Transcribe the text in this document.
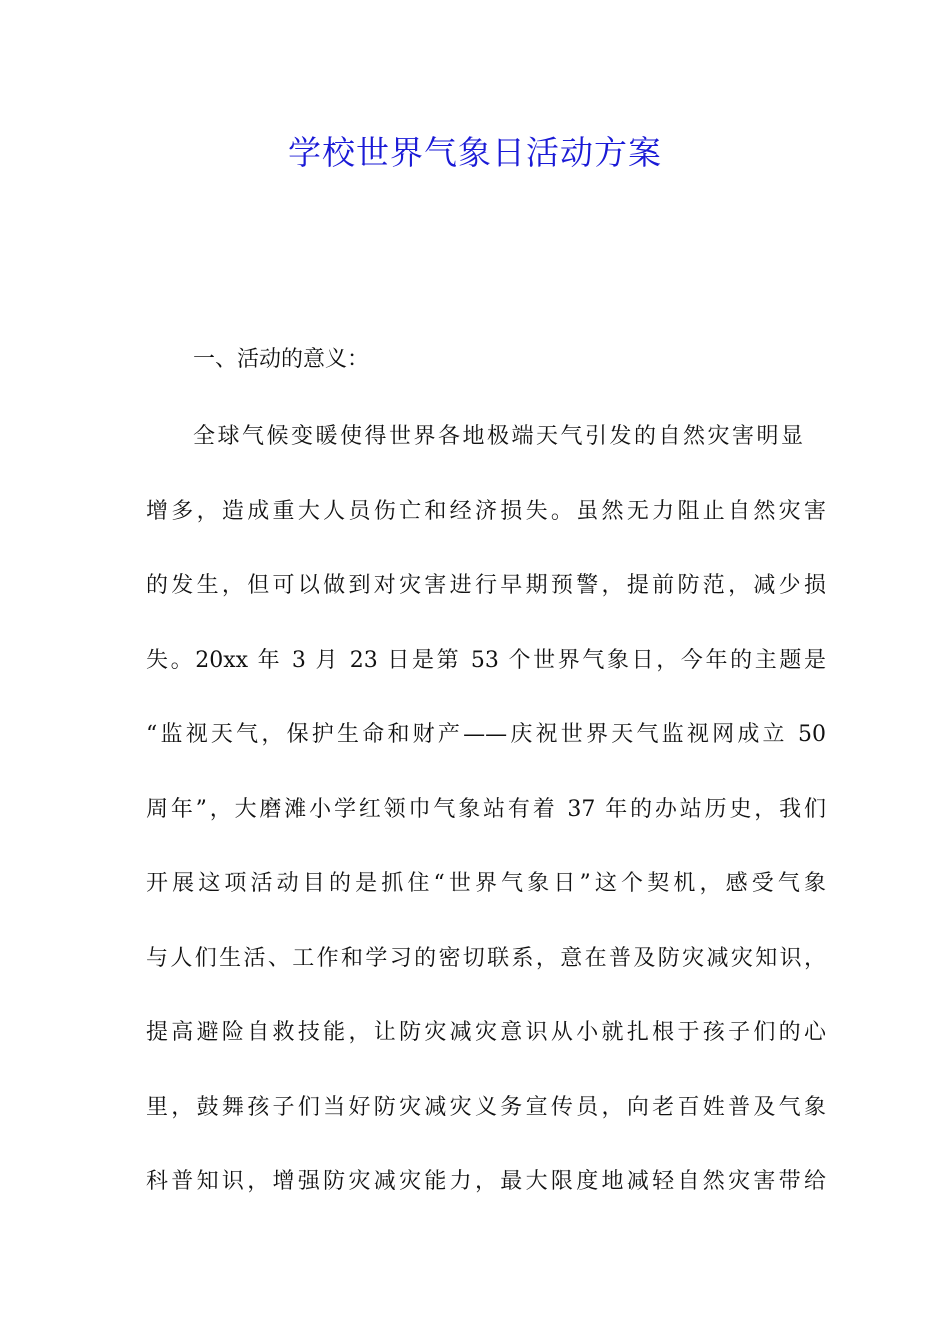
学校世界气象日活动方案

一、活动的意义：

全球气候变暖使得世界各地极端天气引发的自然灾害明显

增多，造成重大人员伤亡和经济损失。虽然无力阻止自然灾害

的发生，但可以做到对灾害进行早期预警，提前防范，减少损

失。20xx 年 3 月 23 日是第 53 个世界气象日，今年的主题是

“监视天气，保护生命和财产——庆祝世界天气监视网成立 50

周年”，大磨滩小学红领巾气象站有着 37 年的办站历史，我们

开展这项活动目的是抓住“世界气象日”这个契机，感受气象

与人们生活、工作和学习的密切联系，意在普及防灾减灾知识，

提高避险自救技能，让防灾减灾意识从小就扎根于孩子们的心

里，鼓舞孩子们当好防灾减灾义务宣传员，向老百姓普及气象

科普知识，增强防灾减灾能力，最大限度地减轻自然灾害带给
